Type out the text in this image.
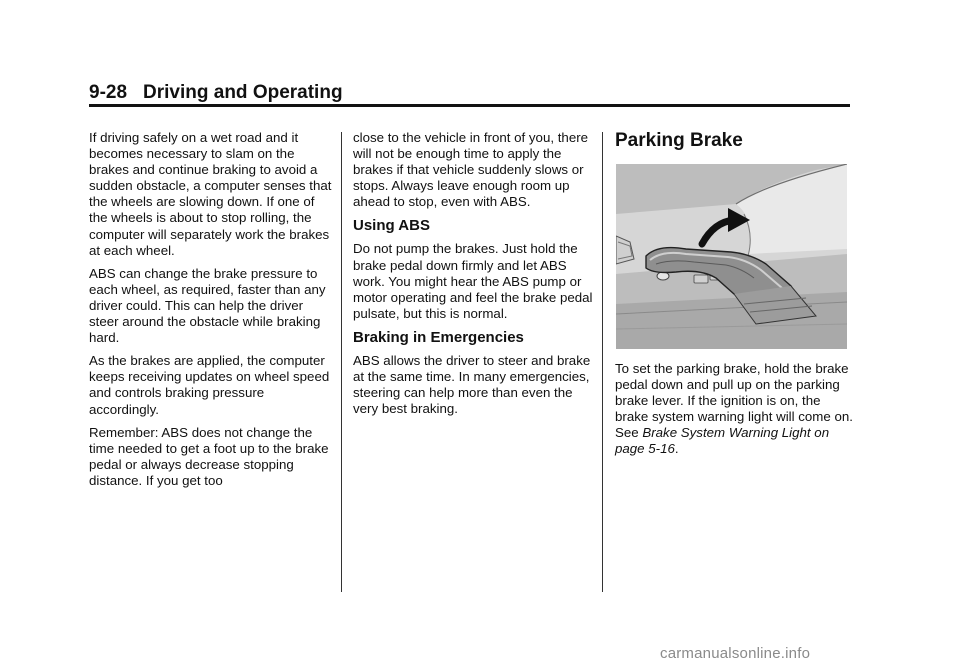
9-28 Driving and Operating

If driving safely on a wet road and it becomes necessary to slam on the brakes and continue braking to avoid a sudden obstacle, a computer senses that the wheels are slowing down. If one of the wheels is about to stop rolling, the computer will separately work the brakes at each wheel.

ABS can change the brake pressure to each wheel, as required, faster than any driver could. This can help the driver steer around the obstacle while braking hard.

As the brakes are applied, the computer keeps receiving updates on wheel speed and controls braking pressure accordingly.

Remember: ABS does not change the time needed to get a foot up to the brake pedal or always decrease stopping distance. If you get too

close to the vehicle in front of you, there will not be enough time to apply the brakes if that vehicle suddenly slows or stops. Always leave enough room up ahead to stop, even with ABS.

Using ABS

Do not pump the brakes. Just hold the brake pedal down firmly and let ABS work. You might hear the ABS pump or motor operating and feel the brake pedal pulsate, but this is normal.

Braking in Emergencies

ABS allows the driver to steer and brake at the same time. In many emergencies, steering can help more than even the very best braking.

Parking Brake

To set the parking brake, hold the brake pedal down and pull up on the parking brake lever. If the ignition is on, the brake system warning light will come on. See Brake System Warning Light on page 5-16.

carmanualsonline.info
